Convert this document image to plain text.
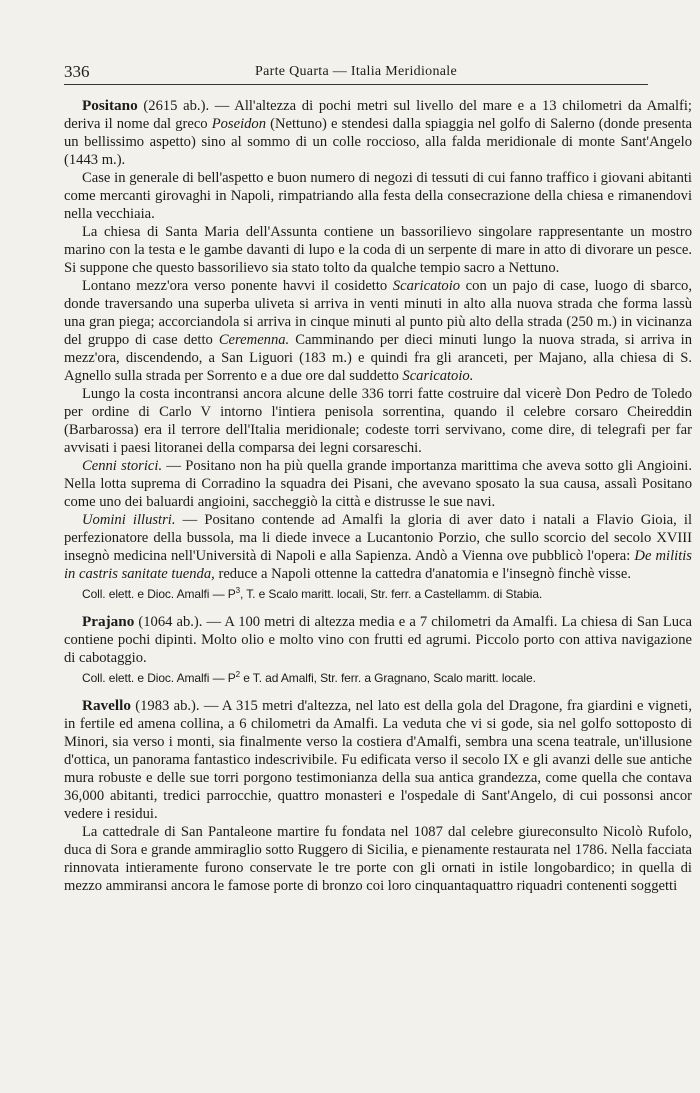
336	Parte Quarta — Italia Meridionale

Positano (2615 ab.). — All'altezza di pochi metri sul livello del mare e a 13 chilometri da Amalfi; deriva il nome dal greco Poseidon (Nettuno) e stendesi dalla spiaggia nel golfo di Salerno (donde presenta un bellissimo aspetto) sino al sommo di un colle roccioso, alla falda meridionale di monte Sant'Angelo (1443 m.).

Case in generale di bell'aspetto e buon numero di negozi di tessuti di cui fanno traffico i giovani abitanti come mercanti girovaghi in Napoli, rimpatriando alla festa della consecrazione della chiesa e rimanendovi nella vecchiaia.

La chiesa di Santa Maria dell'Assunta contiene un bassorilievo singolare rappresentante un mostro marino con la testa e le gambe davanti di lupo e la coda di un serpente di mare in atto di divorare un pesce. Si suppone che questo bassorilievo sia stato tolto da qualche tempio sacro a Nettuno.

Lontano mezz'ora verso ponente havvi il cosidetto Scaricatoio con un pajo di case, luogo di sbarco, donde traversando una superba uliveta si arriva in venti minuti in alto alla nuova strada che forma lassù una gran piega; accorciandola si arriva in cinque minuti al punto più alto della strada (250 m.) in vicinanza del gruppo di case detto Ceremenna. Camminando per dieci minuti lungo la nuova strada, si arriva in mezz'ora, discendendo, a San Liguori (183 m.) e quindi fra gli aranceti, per Majano, alla chiesa di S. Agnello sulla strada per Sorrento e a due ore dal suddetto Scaricatoio.

Lungo la costa incontransi ancora alcune delle 336 torri fatte costruire dal vicerè Don Pedro de Toledo per ordine di Carlo V intorno l'intiera penisola sorrentina, quando il celebre corsaro Cheireddin (Barbarossa) era il terrore dell'Italia meridionale; codeste torri servivano, come dire, di telegrafi per far avvisati i paesi litoranei della comparsa dei legni corsareschi.

Cenni storici. — Positano non ha più quella grande importanza marittima che aveva sotto gli Angioini. Nella lotta suprema di Corradino la squadra dei Pisani, che avevano sposato la sua causa, assalì Positano come uno dei baluardi angioini, saccheggiò la città e distrusse le sue navi.

Uomini illustri. — Positano contende ad Amalfi la gloria di aver dato i natali a Flavio Gioia, il perfezionatore della bussola, ma li diede invece a Lucantonio Porzio, che sullo scorcio del secolo XVIII insegnò medicina nell'Università di Napoli e alla Sapienza. Andò a Vienna ove pubblicò l'opera: De militis in castris sanitate tuenda, reduce a Napoli ottenne la cattedra d'anatomia e l'insegnò finchè visse.

Coll. elett. e Dioc. Amalfi — $P^3$, T. e Scalo maritt. locali, Str. ferr. a Castellamm. di Stabia.

Prajano (1064 ab.). — A 100 metri di altezza media e a 7 chilometri da Amalfi. La chiesa di San Luca contiene pochi dipinti. Molto olio e molto vino con frutti ed agrumi. Piccolo porto con attiva navigazione di cabotaggio.

Coll. elett. e Dioc. Amalfi — $P^2$ e T. ad Amalfi, Str. ferr. a Gragnano, Scalo maritt. locale.

Ravello (1983 ab.). — A 315 metri d'altezza, nel lato est della gola del Dragone, fra giardini e vigneti, in fertile ed amena collina, a 6 chilometri da Amalfi. La veduta che vi si gode, sia nel golfo sottoposto di Minori, sia verso i monti, sia finalmente verso la costiera d'Amalfi, sembra una scena teatrale, un'illusione d'ottica, un panorama fantastico indescrivibile. Fu edificata verso il secolo IX e gli avanzi delle sue antiche mura robuste e delle sue torri porgono testimonianza della sua antica grandezza, come quella che contava 36,000 abitanti, tredici parrocchie, quattro monasteri e l'ospedale di Sant'Angelo, di cui possonsi ancor vedere i residui.

La cattedrale di San Pantaleone martire fu fondata nel 1087 dal celebre giureconsulto Nicolò Rufolo, duca di Sora e grande ammiraglio sotto Ruggero di Sicilia, e pienamente restaurata nel 1786. Nella facciata rinnovata intieramente furono conservate le tre porte con gli ornati in istile longobardico; in quella di mezzo ammiransi ancora le famose porte di bronzo coi loro cinquantaquattro riquadri contenenti soggetti
